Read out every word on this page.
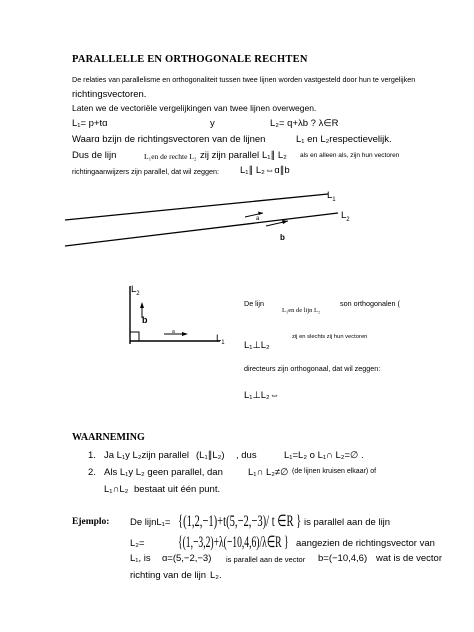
PARALLELLE EN ORTHOGONALE RECHTEN
De relaties van parallelisme en orthogonaliteit tussen twee lijnen worden vastgesteld door hun te vergelijken
richtingsvectoren.
Laten we de vectoriële vergelijkingen van twee lijnen overwegen.
L₁= p+tɑ	y	L₂= q+λb ? λ∈R
Waarɑ bzijn de richtingsvectoren van de lijnen	L₁ en L₂respectievelijk.
Dus de lijn	L₁en de rechte L₂ zij zijn parallel L₁∥ L₂ als en alleen als, zijn hun vectoren
richtingaanwijzers zijn parallel, dat wil zeggen: L₁∥ L₂⇔ɑ∥b
$L_1$
$L_2$
a
b
$L_2$
$L_1$
b
a
De lijn
L₁en de lijn L₂
son orthogonalen (
L₁⊥L₂
zij en slechts zij hun vectoren
directeurs zijn orthogonaal, dat wil zeggen:
L₁⊥L₂⇔
WAARNEMING
1. Ja L₁y L₂zijn parallel (L₁∥L₂) , dus	L₁=L₂ o L₁∩ L₂=∅ .
2. Als L₁y L₂ geen parallel, dan	L₁∩ L₂≠∅ (de lijnen kruisen elkaar) of
L₁∩L₂ bestaat uit één punt.
Ejemplo: De lijnL₁= {(1,2,−1)+t(5,−2,−3)/ t ∈R } is parallel aan de lijn
L₂= {(1,−3,2)+λ(−10,4,6)/λ∈R } aangezien de richtingsvector van
L₁, is ɑ=(5,−2,−3) is parallel aan de vector b=(−10,4,6) wat is de vector
richting van de lijn L₂.
